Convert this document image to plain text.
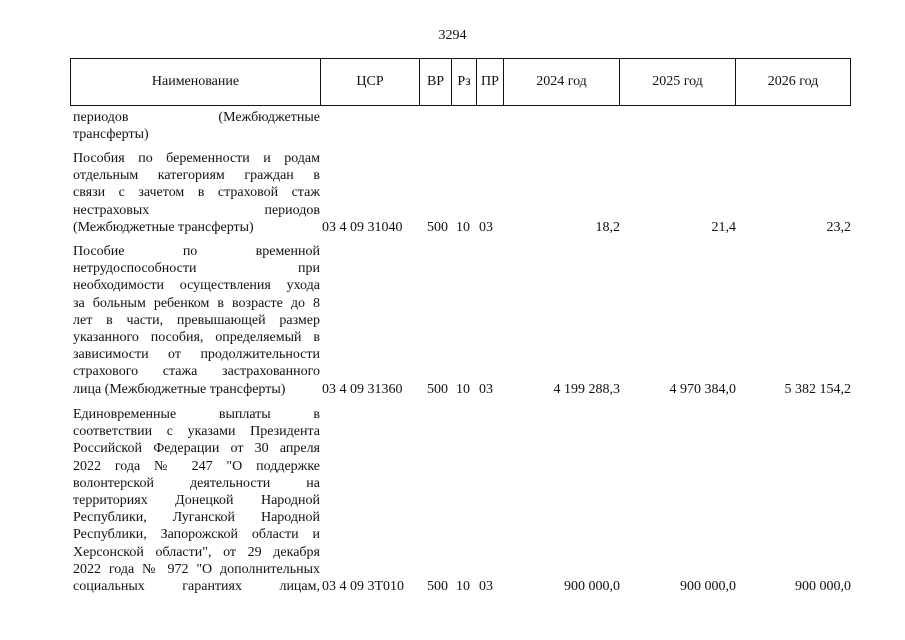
3294
Наименование	ЦСР	ВР Рз ПР	2024 год	2025 год	2026 год
периодов (Межбюджетные
трансферты)
Пособия по беременности и родам
отдельным категориям граждан в
связи с зачетом в страховой стаж
нестраховых периодов
(Межбюджетные трансферты)	03 4 09 31040 500 10 03	18,2	21,4	23,2
Пособие по временной
нетрудоспособности при
необходимости осуществления ухода
за больным ребенком в возрасте до 8
лет в части, превышающей размер
указанного пособия, определяемый в
зависимости от продолжительности
страхового стажа застрахованного
лица (Межбюджетные трансферты)	03 4 09 31360 500 10 03	4 199 288,3	4 970 384,0	5 382 154,2
Единовременные выплаты в
соответствии с указами Президента
Российской Федерации от 30 апреля
2022 года № 247 "О поддержке
волонтерской деятельности на
территориях Донецкой Народной
Республики, Луганской Народной
Республики, Запорожской области и
Херсонской области", от 29 декабря
2022 года № 972 "О дополнительных
социальных гарантиях лицам, 03 4 09 3Т010 500 10 03	900 000,0	900 000,0	900 000,0
